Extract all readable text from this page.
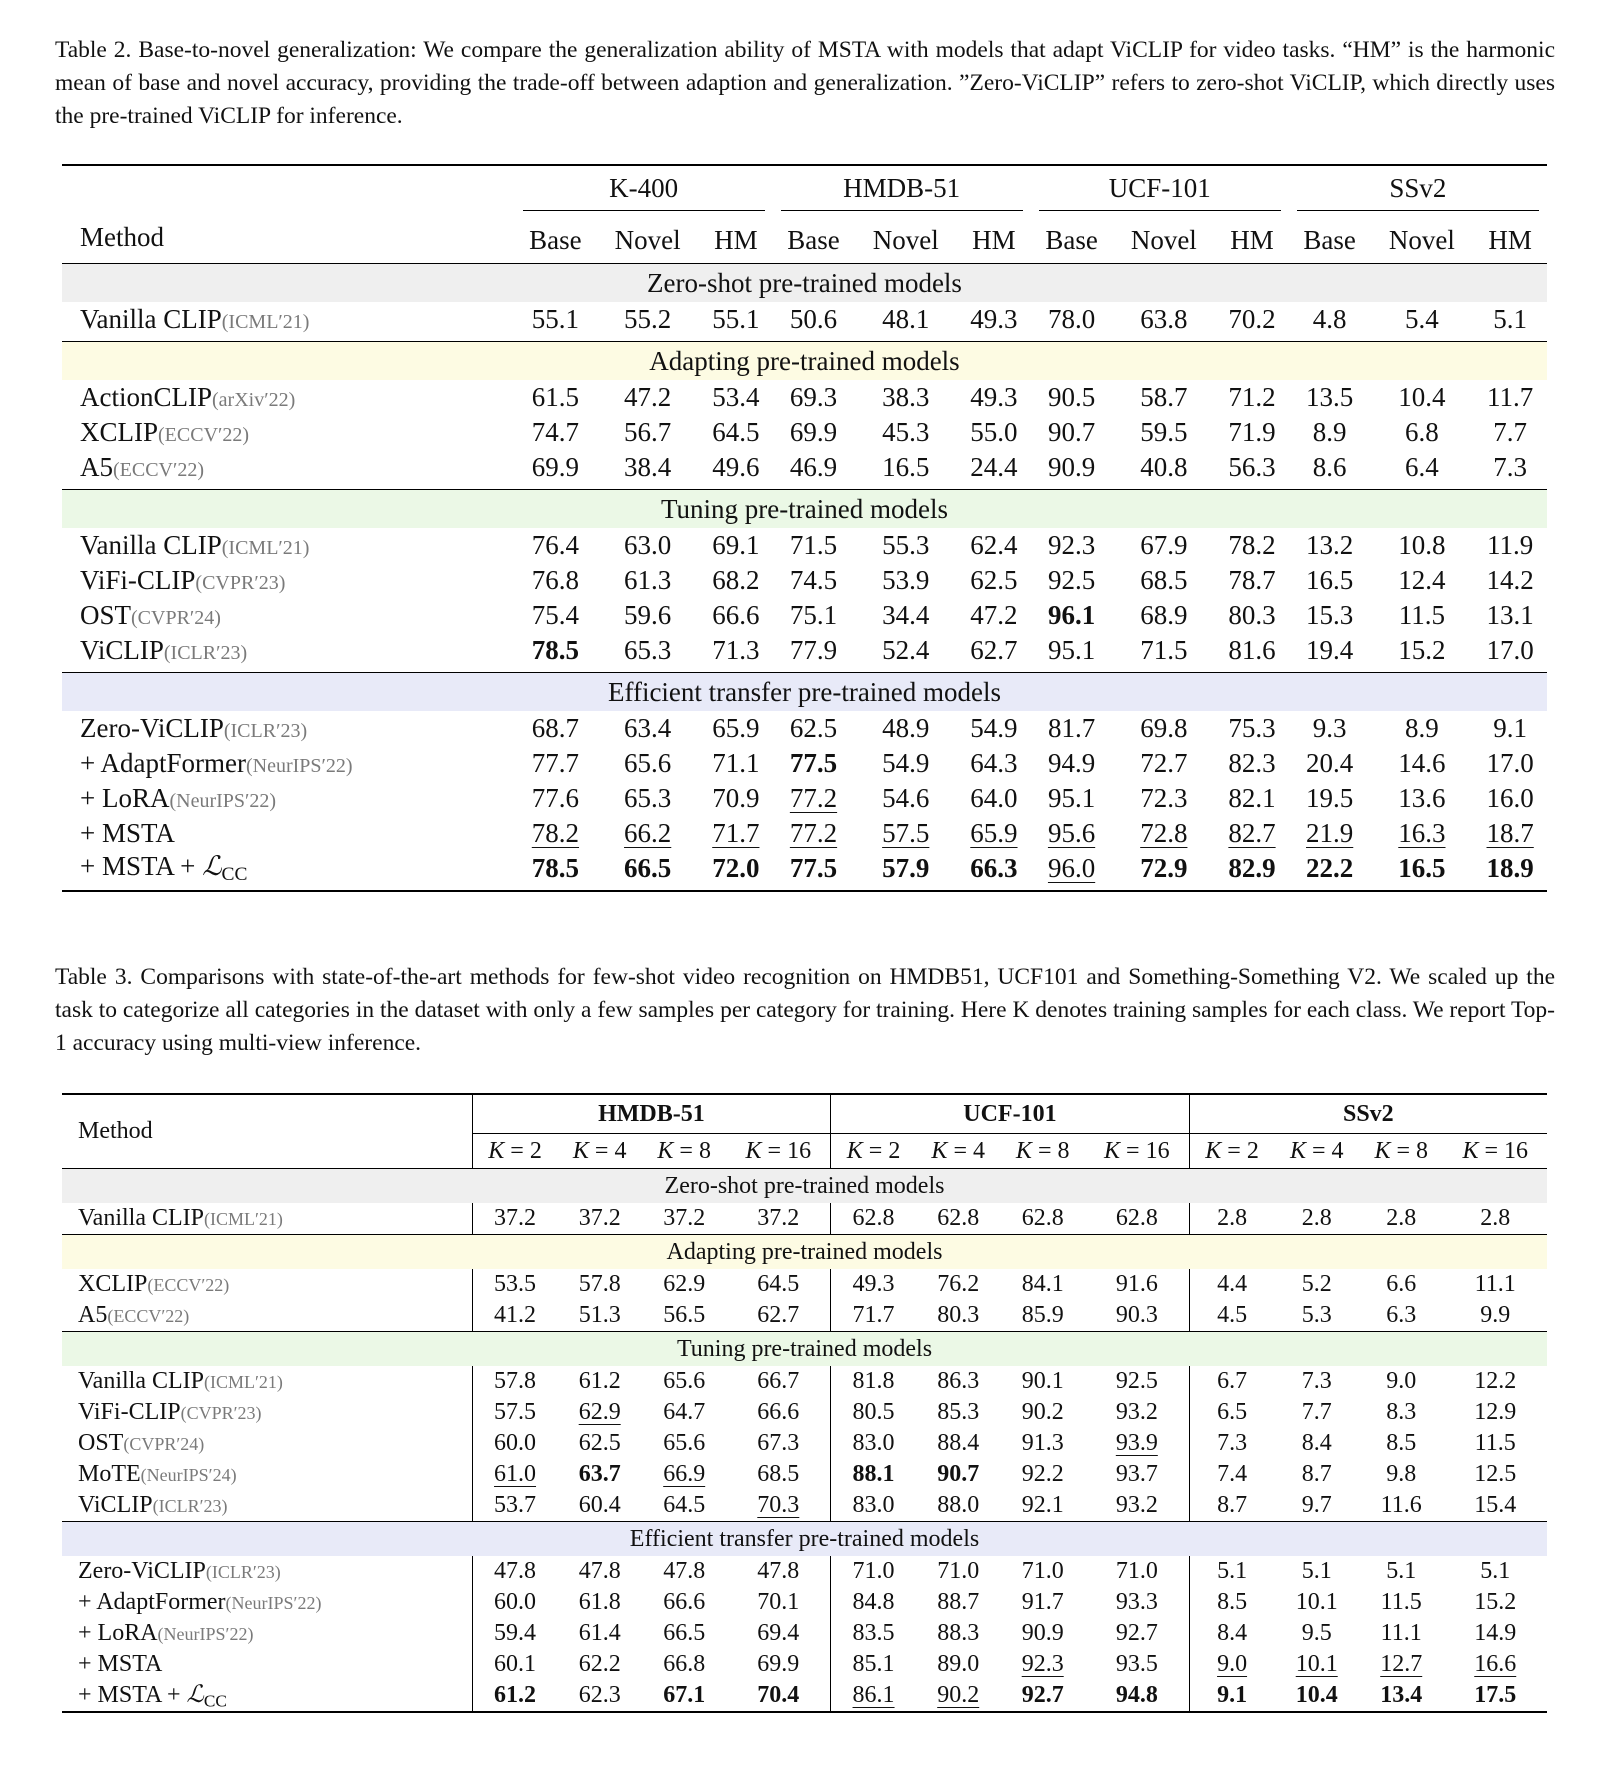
Table 2. Base-to-novel generalization: We compare the generalization ability of MSTA with models that adapt ViCLIP for video tasks. “HM” is the harmonic mean of base and novel accuracy, providing the trade-off between adaption and generalization. ”Zero-ViCLIP” refers to zero-shot ViCLIP, which directly uses the pre-trained ViCLIP for inference.
Method	K-400			HMDB-51			UCF-101			SSv2		

	Base	Novel	HM	Base	Novel	HM	Base	Novel	HM	Base	Novel	HM
Zero-shot pre-trained models												
Vanilla CLIP(ICML′21)	55.1	55.2	55.1	50.6	48.1	49.3	78.0	63.8	70.2	4.8	5.4	5.1
Adapting pre-trained models												
ActionCLIP(arXiv′22)	61.5	47.2	53.4	69.3	38.3	49.3	90.5	58.7	71.2	13.5	10.4	11.7
XCLIP(ECCV′22)	74.7	56.7	64.5	69.9	45.3	55.0	90.7	59.5	71.9	8.9	6.8	7.7
A5(ECCV′22)	69.9	38.4	49.6	46.9	16.5	24.4	90.9	40.8	56.3	8.6	6.4	7.3
Tuning pre-trained models												
Vanilla CLIP(ICML′21)	76.4	63.0	69.1	71.5	55.3	62.4	92.3	67.9	78.2	13.2	10.8	11.9
ViFi-CLIP(CVPR′23)	76.8	61.3	68.2	74.5	53.9	62.5	92.5	68.5	78.7	16.5	12.4	14.2
OST(CVPR′24)	75.4	59.6	66.6	75.1	34.4	47.2	96.1	68.9	80.3	15.3	11.5	13.1
ViCLIP(ICLR′23)	78.5	65.3	71.3	77.9	52.4	62.7	95.1	71.5	81.6	19.4	15.2	17.0
Efficient transfer pre-trained models												
Zero-ViCLIP(ICLR′23)	68.7	63.4	65.9	62.5	48.9	54.9	81.7	69.8	75.3	9.3	8.9	9.1
+ AdaptFormer(NeurIPS′22)	77.7	65.6	71.1	77.5	54.9	64.3	94.9	72.7	82.3	20.4	14.6	17.0
+ LoRA(NeurIPS′22)	77.6	65.3	70.9	77.2	54.6	64.0	95.1	72.3	82.1	19.5	13.6	16.0
+ MSTA	78.2	66.2	71.7	77.2	57.5	65.9	95.6	72.8	82.7	21.9	16.3	18.7
+ MSTA + ℒCC	78.5	66.5	72.0	77.5	57.9	66.3	96.0	72.9	82.9	22.2	16.5	18.9
Table 3. Comparisons with state-of-the-art methods for few-shot video recognition on HMDB51, UCF101 and Something-Something V2. We scaled up the task to categorize all categories in the dataset with only a few samples per category for training. Here K denotes training samples for each class. We report Top-1 accuracy using multi-view inference.
Method	HMDB-51				UCF-101				SSv2			
	K = 2	K = 4	K = 8	K = 16	K = 2	K = 4	K = 8	K = 16	K = 2	K = 4	K = 8	K = 16
Zero-shot pre-trained models												
Vanilla CLIP(ICML′21)	37.2	37.2	37.2	37.2	62.8	62.8	62.8	62.8	2.8	2.8	2.8	2.8
Adapting pre-trained models												
XCLIP(ECCV′22)	53.5	57.8	62.9	64.5	49.3	76.2	84.1	91.6	4.4	5.2	6.6	11.1
A5(ECCV′22)	41.2	51.3	56.5	62.7	71.7	80.3	85.9	90.3	4.5	5.3	6.3	9.9
Tuning pre-trained models												
Vanilla CLIP(ICML′21)	57.8	61.2	65.6	66.7	81.8	86.3	90.1	92.5	6.7	7.3	9.0	12.2
ViFi-CLIP(CVPR′23)	57.5	62.9	64.7	66.6	80.5	85.3	90.2	93.2	6.5	7.7	8.3	12.9
OST(CVPR′24)	60.0	62.5	65.6	67.3	83.0	88.4	91.3	93.9	7.3	8.4	8.5	11.5
MoTE(NeurIPS′24)	61.0	63.7	66.9	68.5	88.1	90.7	92.2	93.7	7.4	8.7	9.8	12.5
ViCLIP(ICLR′23)	53.7	60.4	64.5	70.3	83.0	88.0	92.1	93.2	8.7	9.7	11.6	15.4
Efficient transfer pre-trained models												
Zero-ViCLIP(ICLR′23)	47.8	47.8	47.8	47.8	71.0	71.0	71.0	71.0	5.1	5.1	5.1	5.1
+ AdaptFormer(NeurIPS′22)	60.0	61.8	66.6	70.1	84.8	88.7	91.7	93.3	8.5	10.1	11.5	15.2
+ LoRA(NeurIPS′22)	59.4	61.4	66.5	69.4	83.5	88.3	90.9	92.7	8.4	9.5	11.1	14.9
+ MSTA	60.1	62.2	66.8	69.9	85.1	89.0	92.3	93.5	9.0	10.1	12.7	16.6
+ MSTA + ℒCC	61.2	62.3	67.1	70.4	86.1	90.2	92.7	94.8	9.1	10.4	13.4	17.5
